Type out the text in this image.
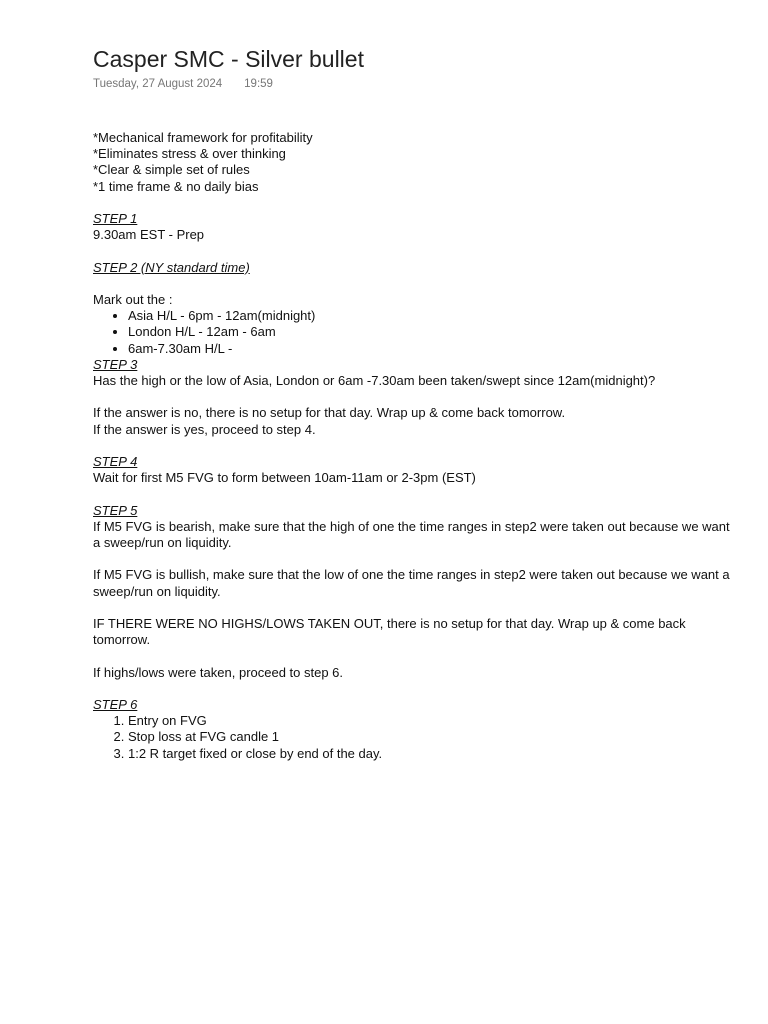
Casper SMC - Silver bullet
Tuesday, 27 August 2024 19:59

*Mechanical framework for profitability

*Eliminates stress & over thinking

*Clear & simple set of rules

*1 time frame & no daily bias

STEP 1

9.30am EST - Prep

STEP 2 (NY standard time)

Mark out the :

• Asia H/L - 6pm - 12am(midnight)
• London H/L - 12am - 6am
• 6am-7.30am H/L -

STEP 3

Has the high or the low of Asia, London or 6am -7.30am been taken/swept since 12am(midnight)?

If the answer is no, there is no setup for that day. Wrap up & come back tomorrow.

If the answer is yes, proceed to step 4.

STEP 4

Wait for first M5 FVG to form between 10am-11am or 2-3pm (EST)

STEP 5

If M5 FVG is bearish, make sure that the high of one the time ranges in step2 were taken out because we want a sweep/run on liquidity.

If M5 FVG is bullish, make sure that the low of one the time ranges in step2 were taken out because we want a sweep/run on liquidity.

IF THERE WERE NO HIGHS/LOWS TAKEN OUT, there is no setup for that day. Wrap up & come back tomorrow.

If highs/lows were taken, proceed to step 6.

STEP 6

1. Entry on FVG
2. Stop loss at FVG candle 1
3. 1:2 R target fixed or close by end of the day.
